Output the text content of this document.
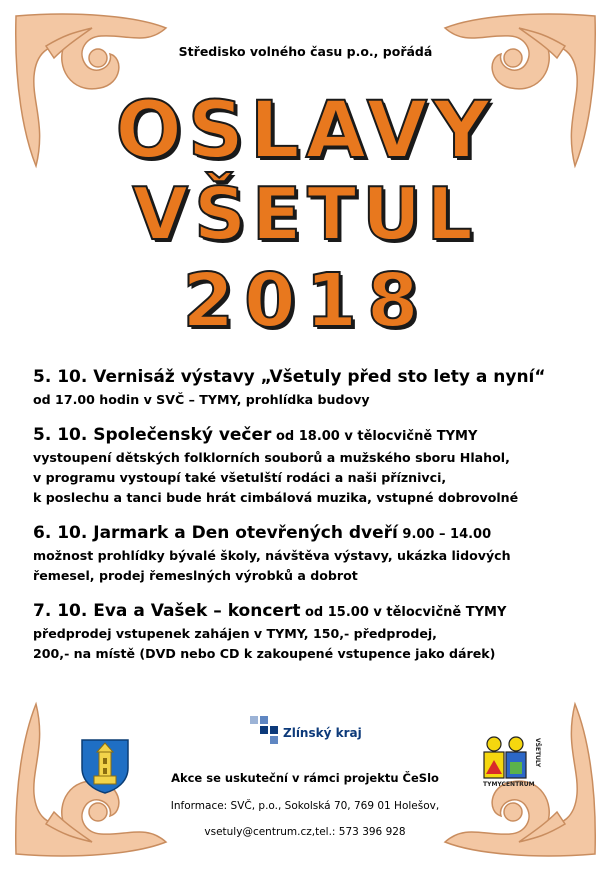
Středisko volného času p.o., pořádá
OSLAVY
VŠETUL
2018
5. 10. Vernisáž výstavy „Všetuly před sto lety a nyní“
od 17.00 hodin v SVČ – TYMY, prohlídka budovy
5. 10. Společenský večer od 18.00 v tělocvičně TYMY
vystoupení dětských folklorních souborů a mužského sboru Hlahol,
v programu vystoupí také všetulští rodáci a naši příznivci,
k poslechu a tanci bude hrát cimbálová muzika, vstupné dobrovolné
6. 10. Jarmark a Den otevřených dveří 9.00 – 14.00
možnost prohlídky bývalé školy, návštěva výstavy, ukázka lidových
řemesel, prodej řemeslných výrobků a dobrot
7. 10. Eva a Vašek – koncert od 15.00 v tělocvičně TYMY
předprodej vstupenek zahájen v TYMY, 150,- předprodej,
200,- na místě (DVD nebo CD k zakoupené vstupence jako dárek)
Zlínský kraj
TYMYCENTRUM
VŠETULY
Akce se uskuteční v rámci projektu ČeSlo
Informace: SVČ, p.o., Sokolská 70, 769 01 Holešov,
vsetuly@centrum.cz,tel.: 573 396 928
